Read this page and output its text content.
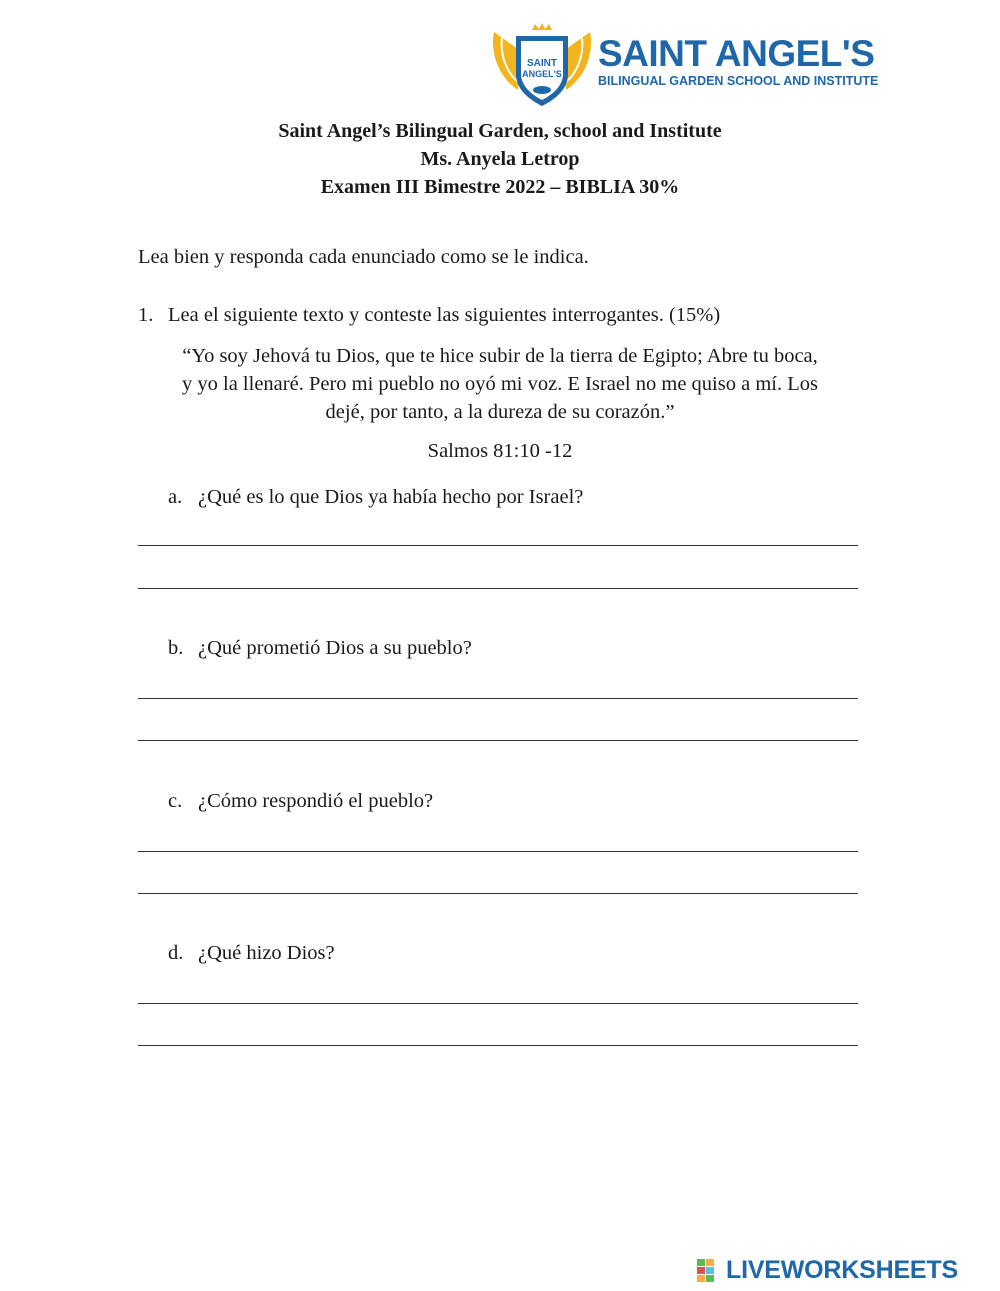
SAINT
ANGEL'S SAINT ANGEL'S
BILINGUAL GARDEN SCHOOL AND INSTITUTE
Saint Angel’s Bilingual Garden, school and Institute
Ms. Anyela Letrop
Examen III Bimestre 2022 – BIBLIA 30%
Lea bien y responda cada enunciado como se le indica.
1. Lea el siguiente texto y conteste las siguientes interrogantes. (15%)
“Yo soy Jehová tu Dios, que te hice subir de la tierra de Egipto; Abre tu boca,
y yo la llenaré. Pero mi pueblo no oyó mi voz. E Israel no me quiso a mí. Los
dejé, por tanto, a la dureza de su corazón.”
Salmos 81:10 -12
a. ¿Qué es lo que Dios ya había hecho por Israel?
b. ¿Qué prometió Dios a su pueblo?
c. ¿Cómo respondió el pueblo?
d. ¿Qué hizo Dios?
LIVEWORKSHEETS
